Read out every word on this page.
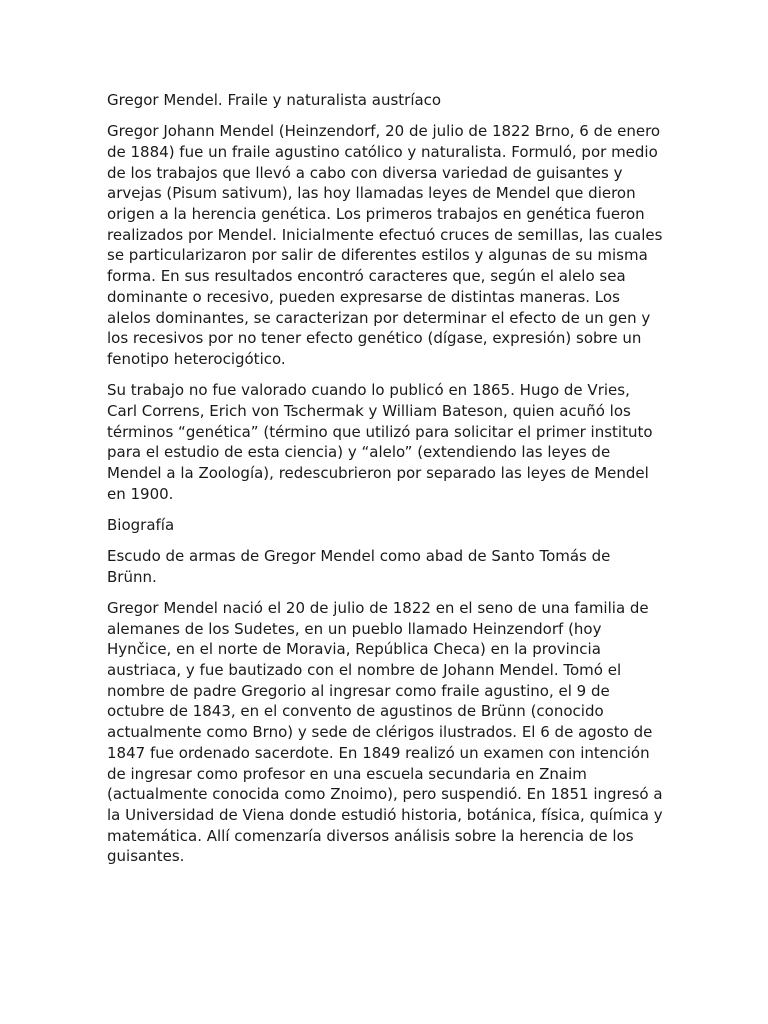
Gregor Mendel. Fraile y naturalista austríaco

Gregor Johann Mendel (Heinzendorf, 20 de julio de 1822 Brno, 6 de enero de 1884) fue un fraile agustino católico y naturalista. Formuló, por medio de los trabajos que llevó a cabo con diversa variedad de guisantes y arvejas (Pisum sativum), las hoy llamadas leyes de Mendel que dieron origen a la herencia genética. Los primeros trabajos en genética fueron realizados por Mendel. Inicialmente efectuó cruces de semillas, las cuales se particularizaron por salir de diferentes estilos y algunas de su misma forma. En sus resultados encontró caracteres que, según el alelo sea dominante o recesivo, pueden expresarse de distintas maneras. Los alelos dominantes, se caracterizan por determinar el efecto de un gen y los recesivos por no tener efecto genético (dígase, expresión) sobre un fenotipo heterocigótico.

Su trabajo no fue valorado cuando lo publicó en 1865. Hugo de Vries, Carl Correns, Erich von Tschermak y William Bateson, quien acuñó los términos “genética” (término que utilizó para solicitar el primer instituto para el estudio de esta ciencia) y “alelo” (extendiendo las leyes de Mendel a la Zoología), redescubrieron por separado las leyes de Mendel en 1900.

Biografía

Escudo de armas de Gregor Mendel como abad de Santo Tomás de Brünn.

Gregor Mendel nació el 20 de julio de 1822 en el seno de una familia de alemanes de los Sudetes, en un pueblo llamado Heinzendorf (hoy Hynčice, en el norte de Moravia, República Checa) en la provincia austriaca, y fue bautizado con el nombre de Johann Mendel. Tomó el nombre de padre Gregorio al ingresar como fraile agustino, el 9 de octubre de 1843, en el convento de agustinos de Brünn (conocido actualmente como Brno) y sede de clérigos ilustrados. El 6 de agosto de 1847 fue ordenado sacerdote. En 1849 realizó un examen con intención de ingresar como profesor en una escuela secundaria en Znaim (actualmente conocida como Znoimo), pero suspendió. En 1851 ingresó a la Universidad de Viena donde estudió historia, botánica, física, química y matemática. Allí comenzaría diversos análisis sobre la herencia de los guisantes.
